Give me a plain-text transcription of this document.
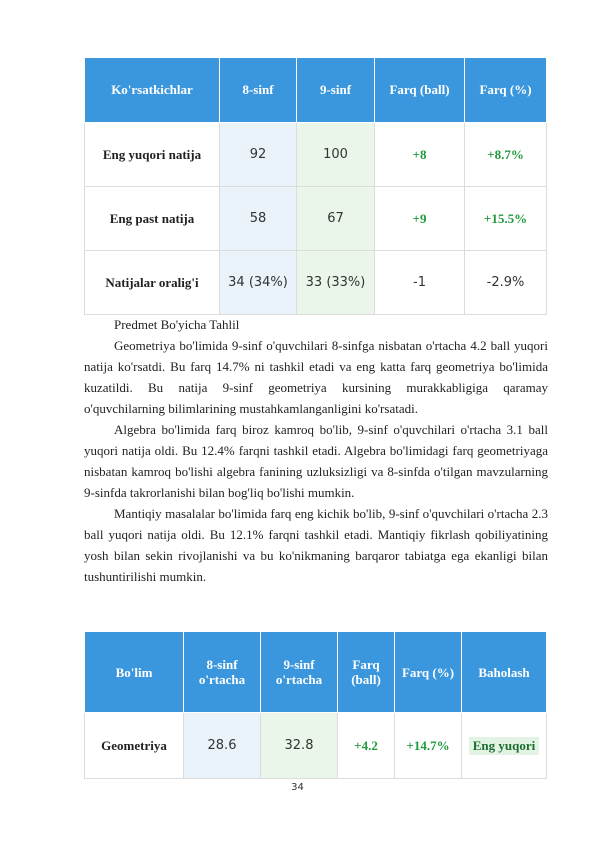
Ko'rsatkichlar	8-sinf	9-sinf	Farq (ball)	Farq (%)
Eng yuqori natija	92	100	+8	+8.7%
Eng past natija	58	67	+9	+15.5%
Natijalar oralig'i	34 (34%)	33 (33%)	-1	-2.9%

Predmet Bo'yicha Tahlil

Geometriya bo'limida 9-sinf o'quvchilari 8-sinfga nisbatan o'rtacha 4.2 ball yuqori natija ko'rsatdi. Bu farq 14.7% ni tashkil etadi va eng katta farq geometriya bo'limida kuzatildi. Bu natija 9-sinf geometriya kursining murakkabligiga qaramay o'quvchilarning bilimlarining mustahkamlanganligini ko'rsatadi.

Algebra bo'limida farq biroz kamroq bo'lib, 9-sinf o'quvchilari o'rtacha 3.1 ball yuqori natija oldi. Bu 12.4% farqni tashkil etadi. Algebra bo'limidagi farq geometriyaga nisbatan kamroq bo'lishi algebra fanining uzluksizligi va 8-sinfda o'tilgan mavzularning 9-sinfda takrorlanishi bilan bog'liq bo'lishi mumkin.

Mantiqiy masalalar bo'limida farq eng kichik bo'lib, 9-sinf o'quvchilari o'rtacha 2.3 ball yuqori natija oldi. Bu 12.1% farqni tashkil etadi. Mantiqiy fikrlash qobiliyatining yosh bilan sekin rivojlanishi va bu ko'nikmaning barqaror tabiatga ega ekanligi bilan tushuntirilishi mumkin.

Bo'lim	8-sinf o'rtacha	9-sinf o'rtacha	Farq (ball)	Farq (%)	Baholash
Geometriya	28.6	32.8	+4.2	+14.7%	Eng yuqori
34
